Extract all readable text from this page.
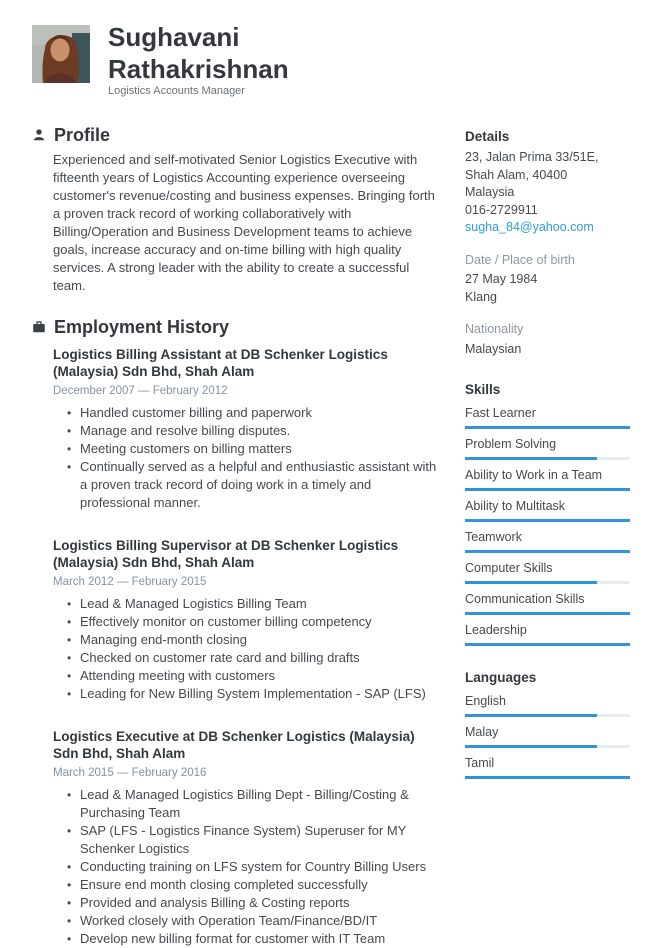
Sughavani Rathakrishnan
Logistics Accounts Manager
Profile
Experienced and self-motivated Senior Logistics Executive with fifteenth years of Logistics Accounting experience overseeing customer's revenue/costing and business expenses. Bringing forth a proven track record of working collaboratively with Billing/Operation and Business Development teams to achieve goals, increase accuracy and on-time billing with high quality services. A strong leader with the ability to create a successful team.
Employment History
Logistics Billing Assistant at DB Schenker Logistics (Malaysia) Sdn Bhd, Shah Alam
December 2007 — February 2012
• Handled customer billing and paperwork
• Manage and resolve billing disputes.
• Meeting customers on billing matters
• Continually served as a helpful and enthusiastic assistant with a proven track record of doing work in a timely and professional manner.
Logistics Billing Supervisor at DB Schenker Logistics (Malaysia) Sdn Bhd, Shah Alam
March 2012 — February 2015
• Lead & Managed Logistics Billing Team
• Effectively monitor on customer billing competency
• Managing end-month closing
• Checked on customer rate card and billing drafts
• Attending meeting with customers
• Leading for New Billing System Implementation - SAP (LFS)
Logistics Executive at DB Schenker Logistics (Malaysia) Sdn Bhd, Shah Alam
March 2015 — February 2016
• Lead & Managed Logistics Billing Dept - Billing/Costing & Purchasing Team
• SAP (LFS - Logistics Finance System) Superuser for MY Schenker Logistics
• Conducting training on LFS system for Country Billing Users
• Ensure end month closing completed successfully
• Provided and analysis Billing & Costing reports
• Worked closely with Operation Team/Finance/BD/IT
• Develop new billing format for customer with IT Team
Details
23, Jalan Prima 33/51E,
Shah Alam, 40400
Malaysia
016-2729911
sugha_84@yahoo.com
Date / Place of birth
27 May 1984
Klang
Nationality
Malaysian
Skills
Fast Learner
Problem Solving
Ability to Work in a Team
Ability to Multitask
Teamwork
Computer Skills
Communication Skills
Leadership
Languages
English
Malay
Tamil
